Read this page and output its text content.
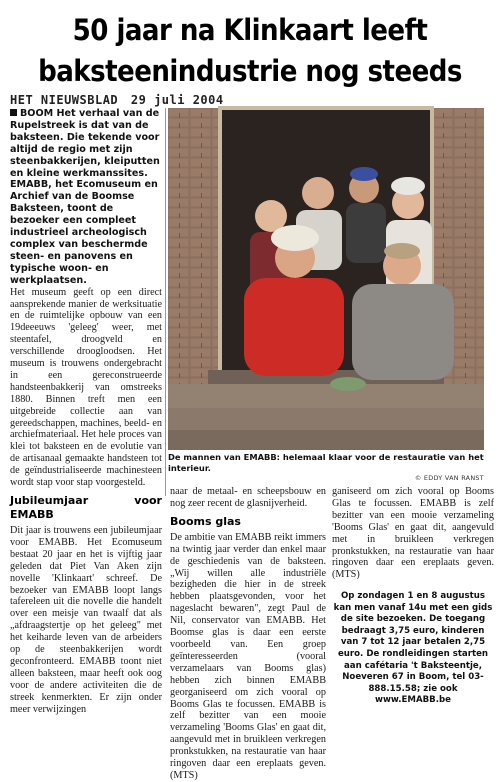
50 jaar na Klinkaart leeft
baksteenindustrie nog steeds
HET NIEUWSBLAD 29 juli 2004

BOOM Het verhaal van de Rupelstreek is dat van de baksteen. Die tekende voor altijd de regio met zijn steenbakkerijen, kleiputten en kleine werkmanssites. EMABB, het Ecomuseum en Archief van de Boomse Baksteen, toont de bezoeker een compleet industrieel archeologisch complex van beschermde steen- en panovens en typische woon- en werkplaatsen.

Het museum geeft op een direct aansprekende manier de werksituatie en de ruimtelijke opbouw van een 19deeeuws 'geleeg' weer, met steentafel, droogveld en verschillende droogloodsen. Het museum is trouwens ondergebracht in een gereconstrueerde handsteenbakkerij van omstreeks 1880. Binnen treft men een uitgebreide collectie aan van gereedschappen, machines, beeld- en archiefmateriaal. Het hele proces van klei tot baksteen en de evolutie van de artisanaal gemaakte handsteen tot de geïndustrialiseerde machinesteen wordt stap voor stap voorgesteld.

De mannen van EMABB: helemaal klaar voor de restauratie van het interieur.
© EDDY VAN RANST
Jubileumjaar voor EMABB

Dit jaar is trouwens een jubileumjaar voor EMABB. Het Ecomuseum bestaat 20 jaar en het is vijftig jaar geleden dat Piet Van Aken zijn novelle 'Klinkaart' schreef. De bezoeker van EMABB loopt langs tafereleen uit die novelle die handelt over een meisje van twaalf dat als „afdraagstertje op het geleeg" met het keiharde leven van de arbeiders op de steenbakkerijen wordt geconfronteerd. EMABB toont niet alleen baksteen, maar heeft ook oog voor de andere activiteiten die de streek kenmerkten. Er zijn onder meer verwijzingen

naar de metaal- en scheepsbouw en nog zeer recent de glasnijverheid.

Booms glas

De ambitie van EMABB reikt immers na twintig jaar verder dan enkel maar de geschiedenis van de baksteen. „Wij willen alle industriële bezigheden die hier in de streek hebben plaatsgevonden, voor het nageslacht bewaren", zegt Paul de Nil, conservator van EMABB. Het Boomse glas is daar een eerste voorbeeld van. Een groep geïnteresseerden (vooral verzamelaars van Booms glas) hebben zich binnen EMABB georganiseerd om zich vooral op Booms Glas te focussen. EMABB is zelf bezitter van een mooie verzameling 'Booms Glas' en gaat dit, aangevuld met in bruikleen verkregen pronkstukken, na restauratie van haar ringoven daar een ereplaats geven. (MTS)

ganiseerd om zich vooral op Booms Glas te focussen. EMABB is zelf bezitter van een mooie verzameling 'Booms Glas' en gaat dit, aangevuld met in bruikleen verkregen pronkstukken, na restauratie van haar ringoven daar een ereplaats geven. (MTS)

Op zondagen 1 en 8 augustus kan men vanaf 14u met een gids de site bezoeken. De toegang bedraagt 3,75 euro, kinderen van 7 tot 12 jaar betalen 2,75 euro. De rondleidingen starten aan cafétaria 't Baksteentje, Noeveren 67 in Boom, tel 03-888.15.58; zie ook www.EMABB.be
